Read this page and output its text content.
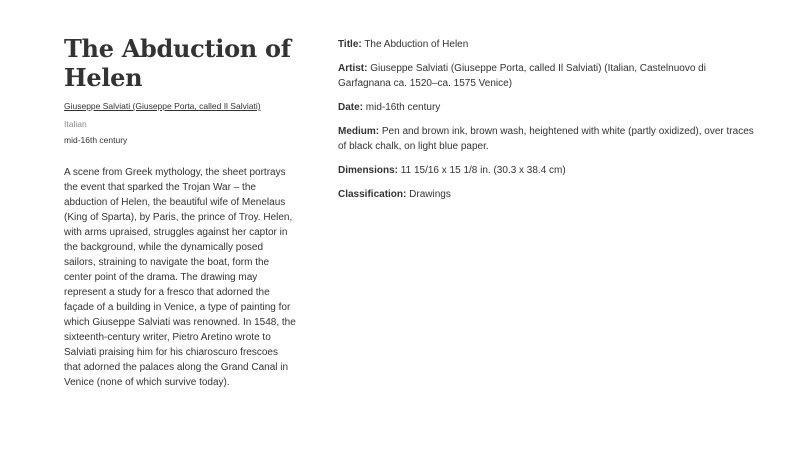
The Abduction of Helen
Giuseppe Salviati (Giuseppe Porta, called Il Salviati)
Italian
mid-16th century
A scene from Greek mythology, the sheet portrays the event that sparked the Trojan War – the abduction of Helen, the beautiful wife of Menelaus (King of Sparta), by Paris, the prince of Troy. Helen, with arms upraised, struggles against her captor in the background, while the dynamically posed sailors, straining to navigate the boat, form the center point of the drama. The drawing may represent a study for a fresco that adorned the façade of a building in Venice, a type of painting for which Giuseppe Salviati was renowned. In 1548, the sixteenth-century writer, Pietro Aretino wrote to Salviati praising him for his chiaroscuro frescoes that adorned the palaces along the Grand Canal in Venice (none of which survive today).
Title: The Abduction of Helen
Artist: Giuseppe Salviati (Giuseppe Porta, called Il Salviati) (Italian, Castelnuovo di Garfagnana ca. 1520–ca. 1575 Venice)
Date: mid-16th century
Medium: Pen and brown ink, brown wash, heightened with white (partly oxidized), over traces of black chalk, on light blue paper.
Dimensions: 11 15/16 x 15 1/8 in. (30.3 x 38.4 cm)
Classification: Drawings
